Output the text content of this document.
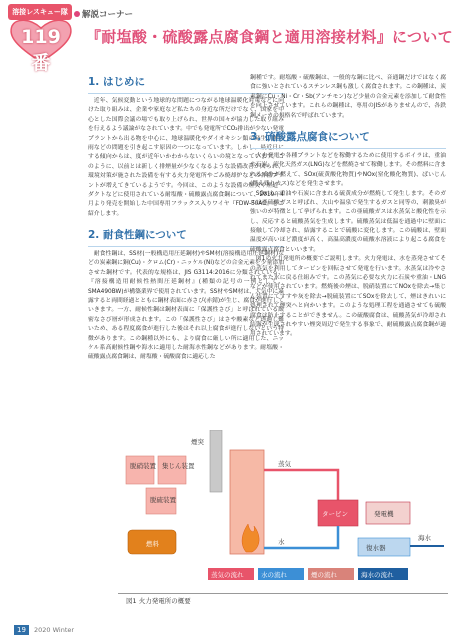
溶接レスキュー隊
119番
解説コーナー
『耐塩酸・硫酸露点腐食鋼と適用溶接材料』について
1. はじめに

近年、気候変動という地球的な問題につながる地球温暖化対策などに向けた取り組みは、企業や家庭など私たちの身近な所だけでなく、国家を中心とした国際会議の場でも取り上げられ、世界の国々が協力した取り組みを行えるよう議論がなされています。中でも発電所でCO₂排出が少ない発電プラントから出る物を中心に、地球温暖化やダイオキシン類の発生、酸性雨などの問題を引き起こす原因の一つになっています。しかし、最近日にする傾向からは、度が近年いかわからないくらいの境となっています。このように、以前とは新しく排煙量が少なくなるような設備改善が図られ、環境対策が施された設備を有する火力発電所やごみ焼却炉などの各種プラントが増えてきているようです。今回は、このような設備の煙突や煙道・ダクトなどに使用されている耐塩酸・硫酸露点腐食鋼について、2019年4月より発売を開始した中国専用フラックス入りワイヤ『FDW-50AC』をご紹介します。

2. 耐食性鋼について

耐食性鋼は、SS材(一般構造用圧延鋼材)やSM材(溶接構造用圧延鋼材)などの炭素鋼に銅(Cu)・クロム(Cr)・ニッケル(Ni)などの合金元素を少量添加させた鋼材です。代表的な規格は、JIS G3114:2016に分類されている、『溶接構造用耐候性熱間圧延鋼材』(種類の記号の一例として、SMA490BW)が構築業界で使用されています。SS材やSM材は、大気中に暴露すると両間経過とともに鋼材表面に赤さび(赤錆)が生じ、腐食が進行していきます。一方、耐候性鋼は鋼材表面に「保護性さび」と呼ばれている緻密なさび層が形成されます。この「保護性さび」はさや酸素など透過し難いため、ある程度腐食が進行した後はそれ以上腐食が進行しないという特徴があります。この鋼種以外にも、より腐食に厳しい所に適用した、ニッケル系高耐候性鋼や海水に適用した耐海水性鋼などがあります。耐塩酸・硫酸露点腐食鋼は、耐塩酸・硫酸腐食に適応した

鋼種です。耐塩酸・硫酸鋼は、一般的な鋼に比べ、音通鋼だけではなく腐食に強いとされているステンレス鋼も激しく腐食されます。この鋼種は、炭素鋼にCu・Ni・Cr・Sb(アンチモン)など少量の合金元素を添加して耐食性を向上させています。これらの鋼種は、専用のJISがありませんので、各鉄鋼メーカの規格名で呼ばれています。

3. 硫酸露点腐食について

火力発電や各種プラントなどを稼働するために使用するボイラは、重油や石炭、液化天然ガス(LNG)などを燃焼させて稼働します。その燃料に含まれる成分が燃えて、SOx(硫黄酸化物質)やNOx(窒化酸化物質)、ばいじん(燃え残りカス)などを発生させます。

SOxは、重油や石炭に含まれる硫黄成分が燃焼して発生します。そのガスは亜硫酸ガスと呼ばれ、大山や温泉で発生するガスと同等の、刺激臭が強いのが特徴として挙げられます。この亜硫酸ガスは水蒸気と酸化性を示し、反応すると硫酸蒸気を生成します。硫酸蒸気は低温を通過中に壁面に接触して冷却され、結露することで硫酸に変化します。この硫酸は、壁面温度が高いほど濃度が高く、高温高濃度の硫酸水溶液により起こる腐食を硫酸露点腐食といいます。

図1の火力発電所の概要でご説明します。火力発電は、水を蒸発させてその蒸気を利用してタービンを回転させて発電を行います。水蒸気は冷やされてまた水に戻る仕組みです。この蒸気に必要な火力に石炭や重油・LNGなどが使用されています。燃焼後の煙は、脱硝装置にてNOxを除去→集じん装置にてすすや灰を除去→脱硫装置にてSOxを除去して、煙はきれいに処理されて煙突へと向かいます。このような処理工程を通過させても硫酸腐食は防止することができません。この硫酸腐食は、硫酸蒸気が冷却され結露が生成されやすい煙突周辺で発生する事象で、耐硫酸露点腐食鋼が適用されています。

煙突
脱硝装置 集じん装置
脱硫装置
燃料
蒸気
タービン	発電機
水
復水器
海水
蒸気の流れ	水の流れ	煙の流れ	海水の流れ
図1 火力発電所の概要
19	2020 Winter
